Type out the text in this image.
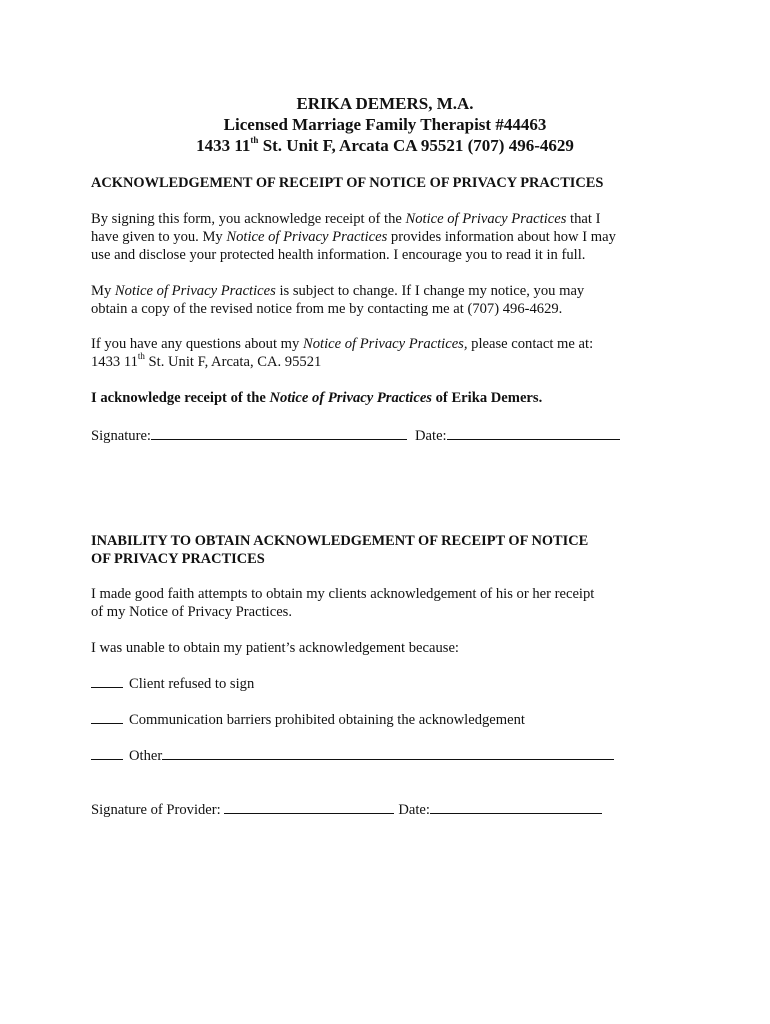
ERIKA DEMERS, M.A.
Licensed Marriage Family Therapist #44463
1433 11th St. Unit F, Arcata CA 95521 (707) 496-4629
ACKNOWLEDGEMENT OF RECEIPT OF NOTICE OF PRIVACY PRACTICES
By signing this form, you acknowledge receipt of the Notice of Privacy Practices that I
have given to you. My Notice of Privacy Practices provides information about how I may
use and disclose your protected health information. I encourage you to read it in full.
My Notice of Privacy Practices is subject to change. If I change my notice, you may
obtain a copy of the revised notice from me by contacting me at (707) 496-4629.
If you have any questions about my Notice of Privacy Practices, please contact me at:
1433 11th St. Unit F, Arcata, CA. 95521
I acknowledge receipt of the Notice of Privacy Practices of Erika Demers.
Signature:	Date:
INABILITY TO OBTAIN ACKNOWLEDGEMENT OF RECEIPT OF NOTICE
OF PRIVACY PRACTICES
I made good faith attempts to obtain my clients acknowledgement of his or her receipt
of my Notice of Privacy Practices.
I was unable to obtain my patient’s acknowledgement because:
Client refused to sign
Communication barriers prohibited obtaining the acknowledgement
Other
Signature of Provider:	Date:
